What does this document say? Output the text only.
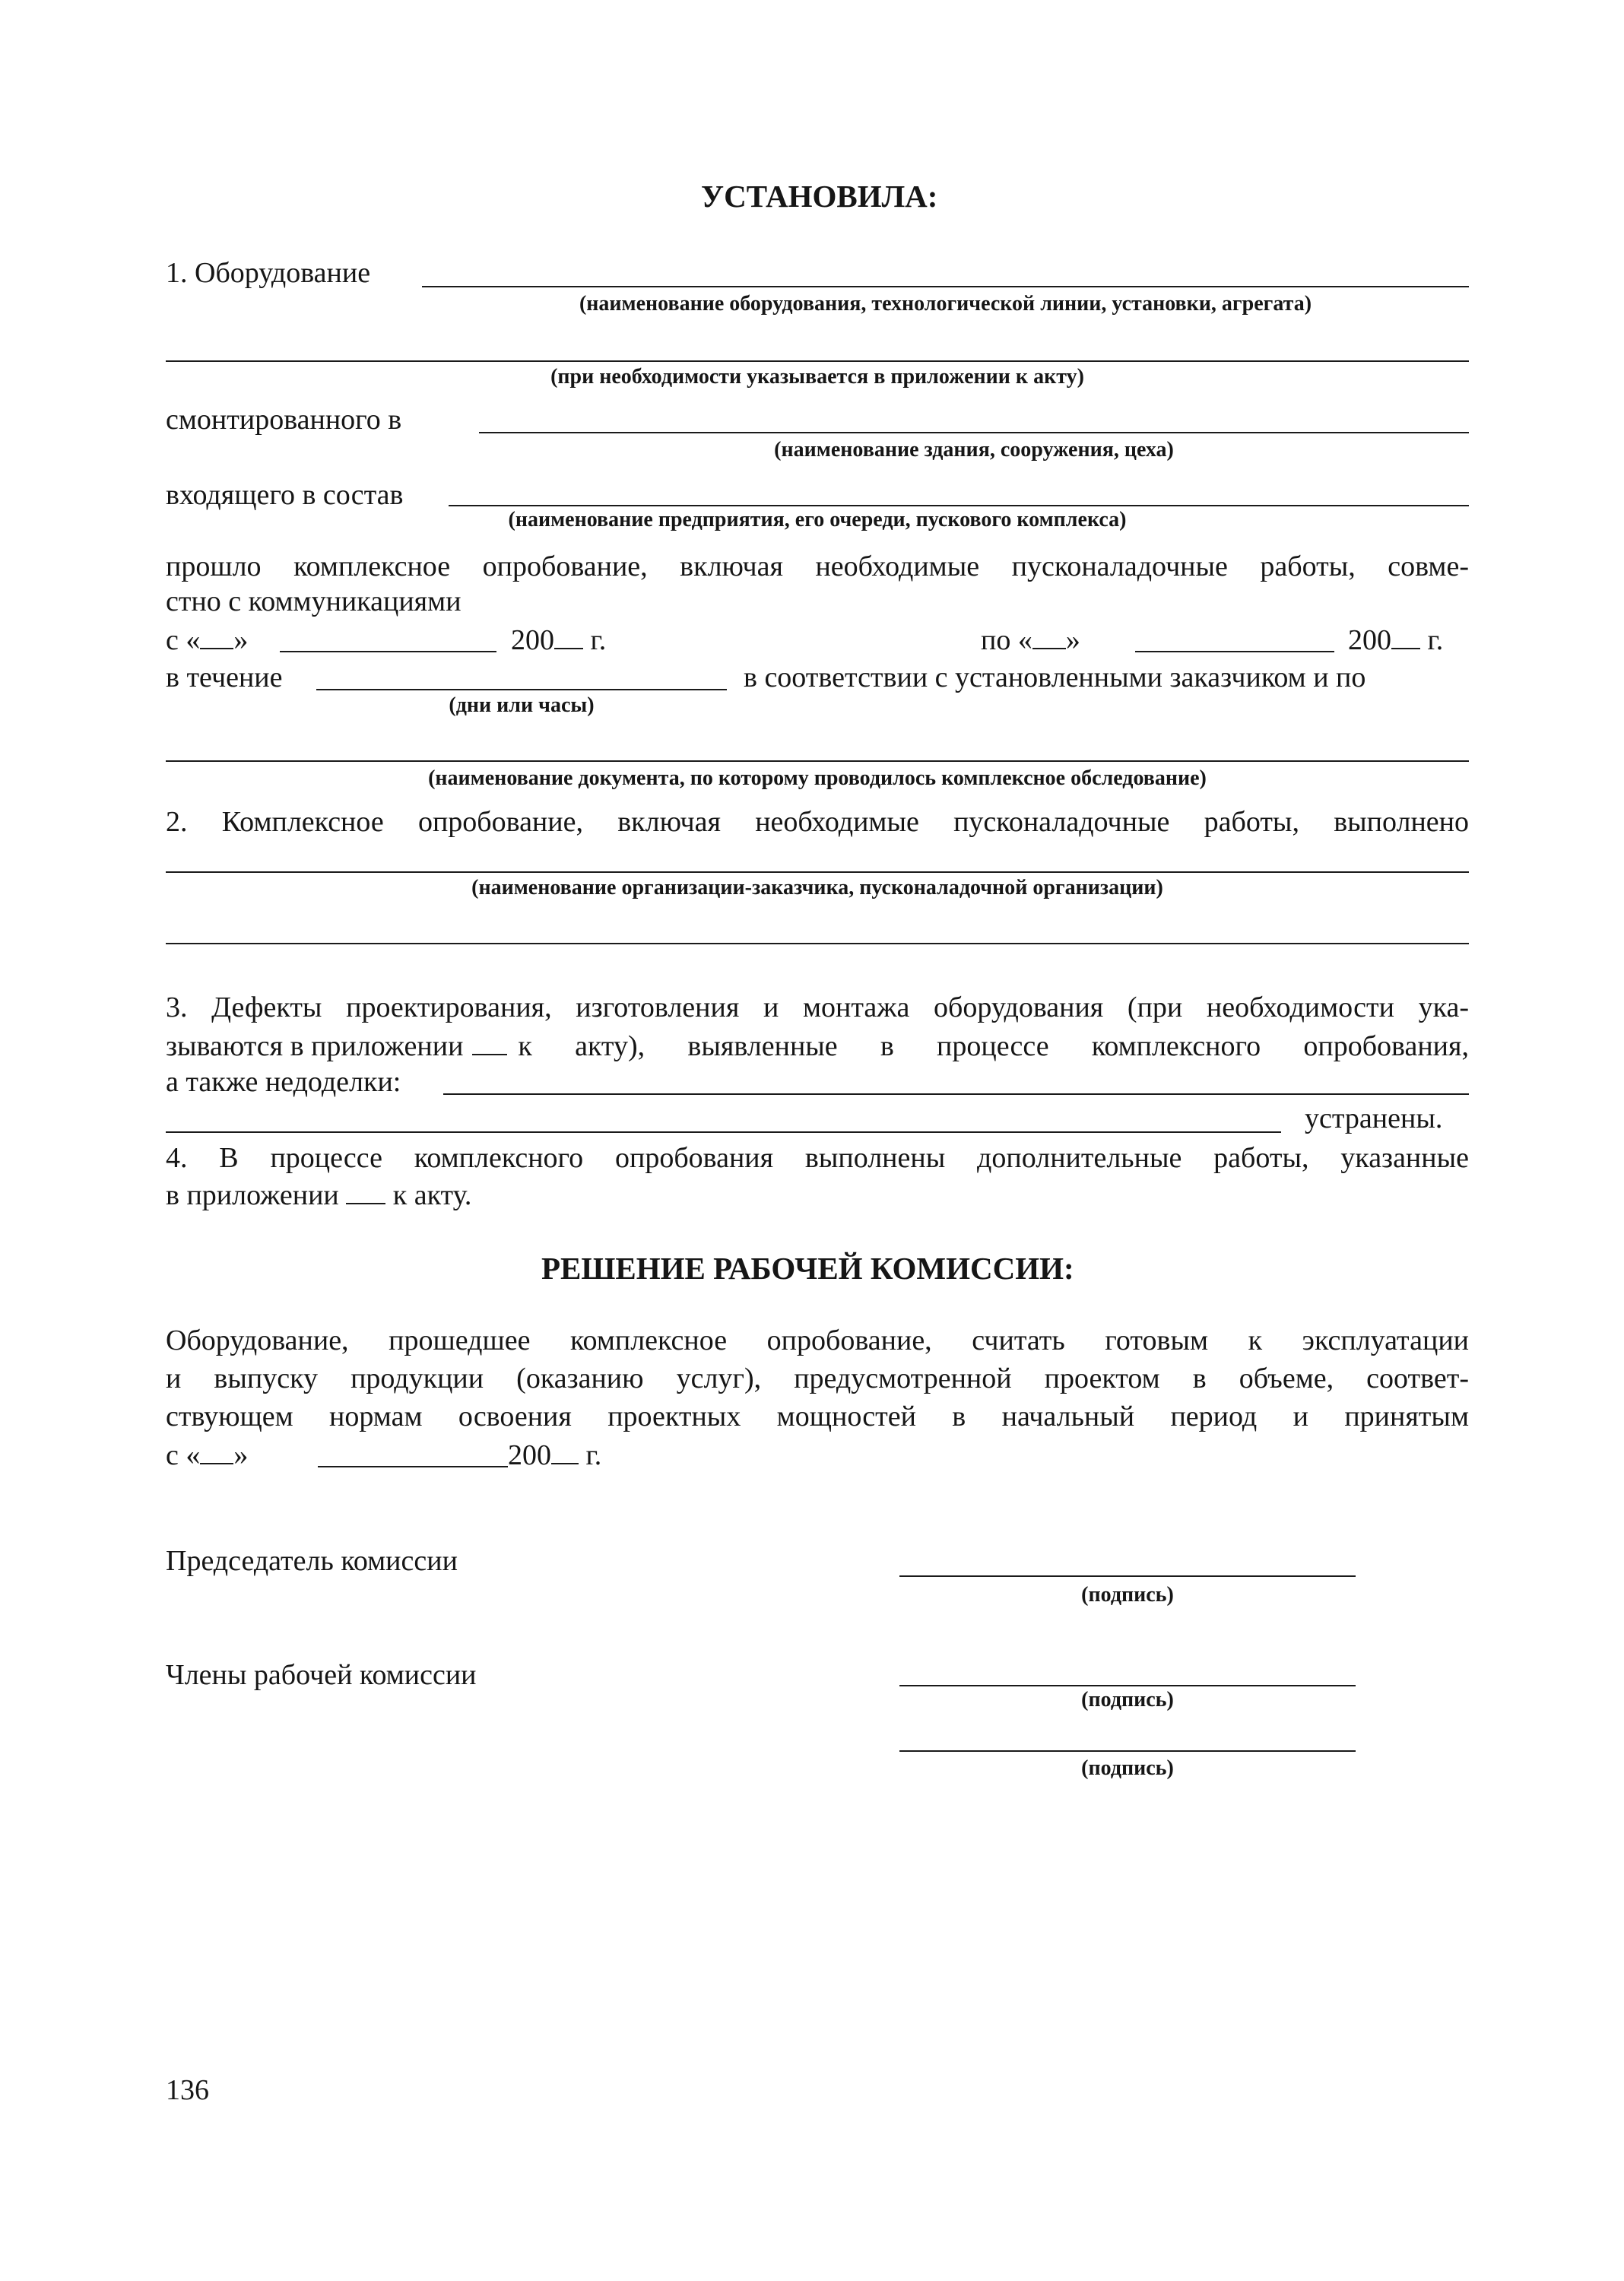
УСТАНОВИЛА:
1. Оборудование
(наименование оборудования, технологической линии, установки, агрегата)
(при необходимости указывается в приложении к акту)
смонтированного в
(наименование здания, сооружения, цеха)
входящего в состав
(наименование предприятия, его очереди, пускового комплекса)
прошло комплексное опробование, включая необходимые пусконаладочные работы, совме-
стно с коммуникациями
с « »	200 г.	по « »	200 г.
в течение	в соответствии с установленными заказчиком и по
(дни или часы)
(наименование документа, по которому проводилось комплексное обследование)
2. Комплексное опробование, включая необходимые пусконаладочные работы, выполнено
(наименование организации-заказчика, пусконаладочной организации)
3. Дефекты проектирования, изготовления и монтажа оборудования (при необходимости ука-
зываются в приложении к акту), выявленные в процессе комплексного опробования,
а также недоделки:
устранены.
4. В процессе комплексного опробования выполнены дополнительные работы, указанные
в приложении к акту.
РЕШЕНИЕ РАБОЧЕЙ КОМИССИИ:
Оборудование, прошедшее комплексное опробование, считать готовым к эксплуатации
и выпуску продукции (оказанию услуг), предусмотренной проектом в объеме, соответ-
ствующем нормам освоения проектных мощностей в начальный период и принятым
с « »	200 г.
Председатель комиссии
(подпись)
Члены рабочей комиссии
(подпись)
(подпись)
136
